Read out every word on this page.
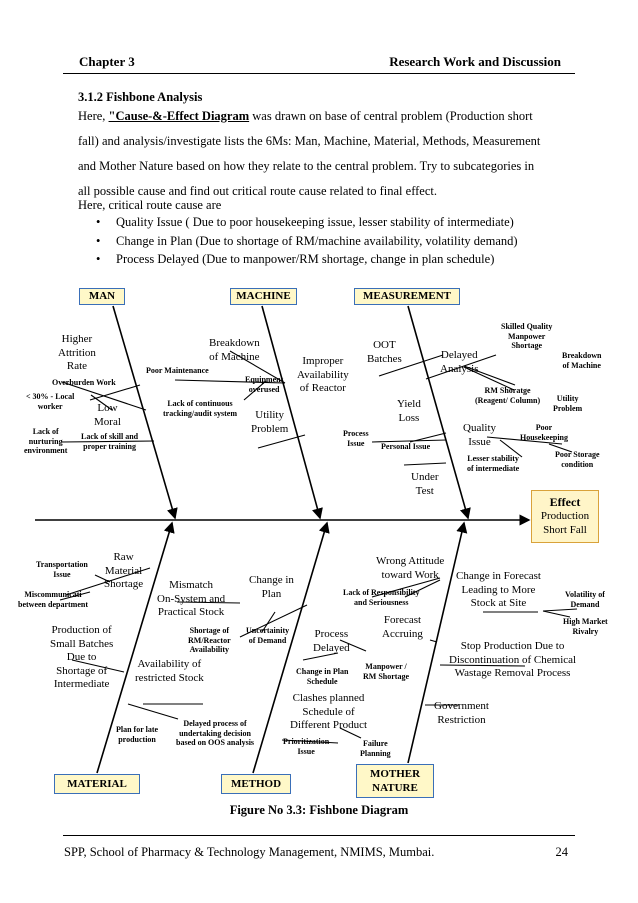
Chapter 3	Research Work and Discussion
3.1.2 Fishbone Analysis
Here, "Cause-&-Effect Diagram was drawn on base of central problem (Production short
fall) and analysis/investigate lists the 6Ms: Man, Machine, Material, Methods, Measurement
and Mother Nature based on how they relate to the central problem. Try to subcategories in
all possible cause and find out critical route cause related to final effect.
Here, critical route cause are
• Quality Issue ( Due to poor housekeeping issue, lesser stability of intermediate)
• Change in Plan (Due to shortage of RM/machine availability, volatility demand)
• Process Delayed (Due to manpower/RM shortage, change in plan schedule)
MAN	MACHINE	MEASUREMENT
MATERIAL	METHOD
MOTHER
NATURE
Effect
Production
Short Fall
Higher
Attrition
Rate
Overburden Work
< 30% - Local
worker	Low
Moral
Lack of
nurturing
environment
Lack of skill and
proper training
Breakdown
of Machine
Poor Maintenance
Equipment
overused
Lack of continuous
tracking/audit system	Utility
Problem
Improper
Availability
of Reactor
OOT
Batches	Delayed
Analysis
Skilled Quality
Manpower
Shortage
Breakdown
of Machine
RM Shoratge
(Reagent/ Column)	Utility
Problem
Yield
Loss
Process
Issue	Personal Issue
Quality
Issue
Poor
Housekeeping
Lesser stability
of intermediate
Poor Storage
condition
Under
Test
Raw
Material
Shortage
Transportation
Issue
Miscommunicati
between department
Mismatch
On-System and
Practical Stock
Production of
Small Batches
Due to
Shortage of
Intermediate
Availability of
restricted Stock
Plan for late
production
Delayed process of
undertaking decision
based on OOS analysis
Change in
Plan
Shortage of
RM/Reactor
Availability
Uncertainity
of Demand	Process
Delayed
Change in Plan
Schedule
Manpower /
RM Shortage
Clashes planned
Schedule of
Different Product
Prioritization
Issue
Failure
Planning
Wrong Attitude
toward Work
Lack of Responsibility
and Seriousness
Forecast
Accruing
Change in Forecast
Leading to More
Stock at Site
Volatility of
Demand
High Market
Rivalry
Stop Production Due to
Discontinuation of Chemical
Wastage Removal Process
Government
Restriction
Figure No 3.3: Fishbone Diagram
SPP, School of Pharmacy & Technology Management, NMIMS, Mumbai.	24
